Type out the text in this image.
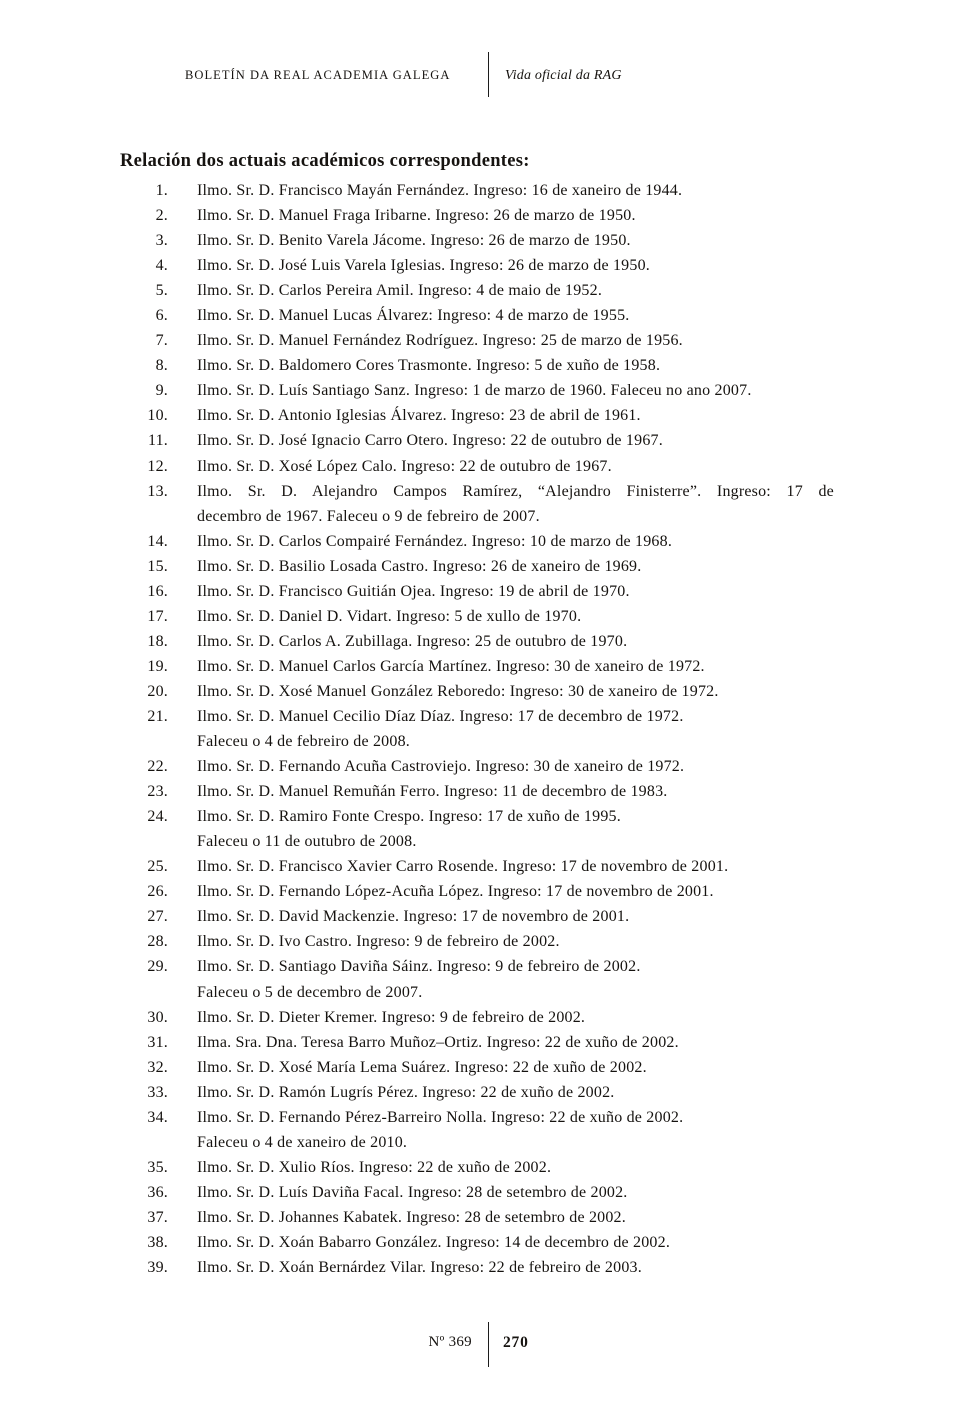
BOLETÍN DA REAL ACADEMIA GALEGA	Vida oficial da RAG
Relación dos actuais académicos correspondentes:
1. Ilmo. Sr. D. Francisco Mayán Fernández. Ingreso: 16 de xaneiro de 1944.
2. Ilmo. Sr. D. Manuel Fraga Iribarne. Ingreso: 26 de marzo de 1950.
3. Ilmo. Sr. D. Benito Varela Jácome. Ingreso: 26 de marzo de 1950.
4. Ilmo. Sr. D. José Luis Varela Iglesias. Ingreso: 26 de marzo de 1950.
5. Ilmo. Sr. D. Carlos Pereira Amil. Ingreso: 4 de maio de 1952.
6. Ilmo. Sr. D. Manuel Lucas Álvarez: Ingreso: 4 de marzo de 1955.
7. Ilmo. Sr. D. Manuel Fernández Rodríguez. Ingreso: 25 de marzo de 1956.
8. Ilmo. Sr. D. Baldomero Cores Trasmonte. Ingreso: 5 de xuño de 1958.
9. Ilmo. Sr. D. Luís Santiago Sanz. Ingreso: 1 de marzo de 1960. Faleceu no ano 2007.
10. Ilmo. Sr. D. Antonio Iglesias Álvarez. Ingreso: 23 de abril de 1961.
11. Ilmo. Sr. D. José Ignacio Carro Otero. Ingreso: 22 de outubro de 1967.
12. Ilmo. Sr. D. Xosé López Calo. Ingreso: 22 de outubro de 1967.
13. Ilmo. Sr. D. Alejandro Campos Ramírez, “Alejandro Finisterre”. Ingreso: 17 de
decembro de 1967. Faleceu o 9 de febreiro de 2007.
14. Ilmo. Sr. D. Carlos Compairé Fernández. Ingreso: 10 de marzo de 1968.
15. Ilmo. Sr. D. Basilio Losada Castro. Ingreso: 26 de xaneiro de 1969.
16. Ilmo. Sr. D. Francisco Guitián Ojea. Ingreso: 19 de abril de 1970.
17. Ilmo. Sr. D. Daniel D. Vidart. Ingreso: 5 de xullo de 1970.
18. Ilmo. Sr. D. Carlos A. Zubillaga. Ingreso: 25 de outubro de 1970.
19. Ilmo. Sr. D. Manuel Carlos García Martínez. Ingreso: 30 de xaneiro de 1972.
20. Ilmo. Sr. D. Xosé Manuel González Reboredo: Ingreso: 30 de xaneiro de 1972.
21. Ilmo. Sr. D. Manuel Cecilio Díaz Díaz. Ingreso: 17 de decembro de 1972.
Faleceu o 4 de febreiro de 2008.
22. Ilmo. Sr. D. Fernando Acuña Castroviejo. Ingreso: 30 de xaneiro de 1972.
23. Ilmo. Sr. D. Manuel Remuñán Ferro. Ingreso: 11 de decembro de 1983.
24. Ilmo. Sr. D. Ramiro Fonte Crespo. Ingreso: 17 de xuño de 1995.
Faleceu o 11 de outubro de 2008.
25. Ilmo. Sr. D. Francisco Xavier Carro Rosende. Ingreso: 17 de novembro de 2001.
26. Ilmo. Sr. D. Fernando López-Acuña López. Ingreso: 17 de novembro de 2001.
27. Ilmo. Sr. D. David Mackenzie. Ingreso: 17 de novembro de 2001.
28. Ilmo. Sr. D. Ivo Castro. Ingreso: 9 de febreiro de 2002.
29. Ilmo. Sr. D. Santiago Daviña Sáinz. Ingreso: 9 de febreiro de 2002.
Faleceu o 5 de decembro de 2007.
30. Ilmo. Sr. D. Dieter Kremer. Ingreso: 9 de febreiro de 2002.
31. Ilma. Sra. Dna. Teresa Barro Muñoz–Ortiz. Ingreso: 22 de xuño de 2002.
32. Ilmo. Sr. D. Xosé María Lema Suárez. Ingreso: 22 de xuño de 2002.
33. Ilmo. Sr. D. Ramón Lugrís Pérez. Ingreso: 22 de xuño de 2002.
34. Ilmo. Sr. D. Fernando Pérez-Barreiro Nolla. Ingreso: 22 de xuño de 2002.
Faleceu o 4 de xaneiro de 2010.
35. Ilmo. Sr. D. Xulio Ríos. Ingreso: 22 de xuño de 2002.
36. Ilmo. Sr. D. Luís Daviña Facal. Ingreso: 28 de setembro de 2002.
37. Ilmo. Sr. D. Johannes Kabatek. Ingreso: 28 de setembro de 2002.
38. Ilmo. Sr. D. Xoán Babarro González. Ingreso: 14 de decembro de 2002.
39. Ilmo. Sr. D. Xoán Bernárdez Vilar. Ingreso: 22 de febreiro de 2003.
Nº 369 270
